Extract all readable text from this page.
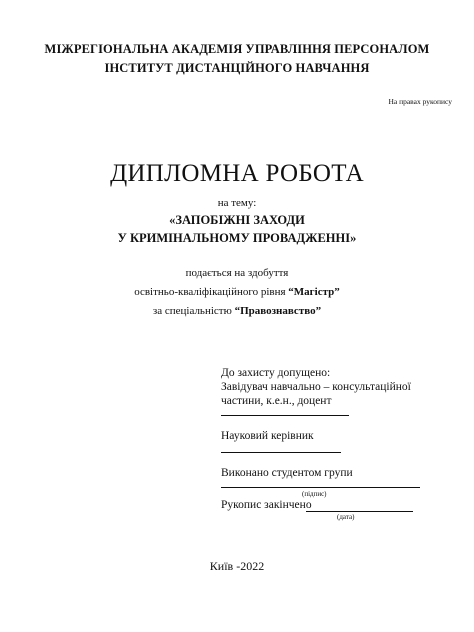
МІЖРЕГІОНАЛЬНА АКАДЕМІЯ УПРАВЛІННЯ ПЕРСОНАЛОМ
ІНСТИТУТ ДИСТАНЦІЙНОГО НАВЧАННЯ
На правах рукопису
ДИПЛОМНА РОБОТА
на тему:
«ЗАПОБІЖНІ ЗАХОДИ
У КРИМІНАЛЬНОМУ ПРОВАДЖЕННІ»
подається на здобуття
освітньо-кваліфікаційного рівня “Магістр”
за спеціальністю “Правознавство”
До захисту допущено:
Завідувач навчально – консультаційної
частини, к.е.н., доцент
Науковий керівник
Виконано студентом групи
(підпис)
Рукопис закінчено
(дата)
Київ -2022
